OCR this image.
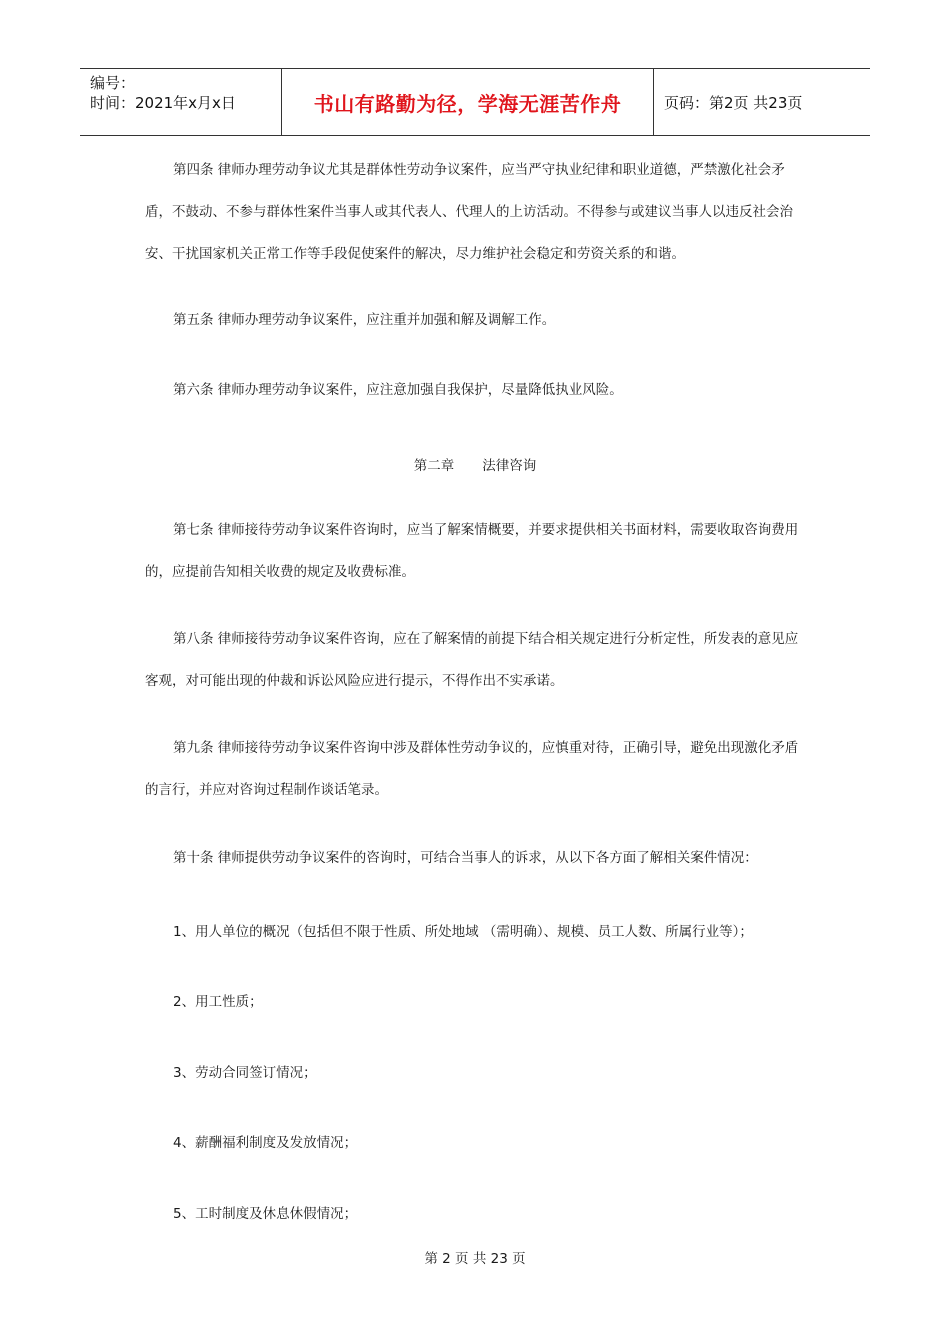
编号：
时间：2021年x月x日	书山有路勤为径，学海无涯苦作舟	页码：第2页 共23页
第四条 律师办理劳动争议尤其是群体性劳动争议案件，应当严守执业纪律和职业道德，严禁激化社会矛盾，不鼓动、不参与群体性案件当事人或其代表人、代理人的上访活动。不得参与或建议当事人以违反社会治安、干扰国家机关正常工作等手段促使案件的解决，尽力维护社会稳定和劳资关系的和谐。
第五条 律师办理劳动争议案件，应注重并加强和解及调解工作。
第六条 律师办理劳动争议案件，应注意加强自我保护，尽量降低执业风险。
第二章 法律咨询
第七条 律师接待劳动争议案件咨询时，应当了解案情概要，并要求提供相关书面材料，需要收取咨询费用的，应提前告知相关收费的规定及收费标准。
第八条 律师接待劳动争议案件咨询，应在了解案情的前提下结合相关规定进行分析定性，所发表的意见应客观，对可能出现的仲裁和诉讼风险应进行提示，不得作出不实承诺。
第九条 律师接待劳动争议案件咨询中涉及群体性劳动争议的，应慎重对待，正确引导，避免出现激化矛盾的言行，并应对咨询过程制作谈话笔录。
第十条 律师提供劳动争议案件的咨询时，可结合当事人的诉求，从以下各方面了解相关案件情况：
1、用人单位的概况（包括但不限于性质、所处地域 （需明确）、规模、员工人数、所属行业等）；
2、用工性质；
3、劳动合同签订情况；
4、薪酬福利制度及发放情况；
5、工时制度及休息休假情况；
第 2 页 共 23 页
